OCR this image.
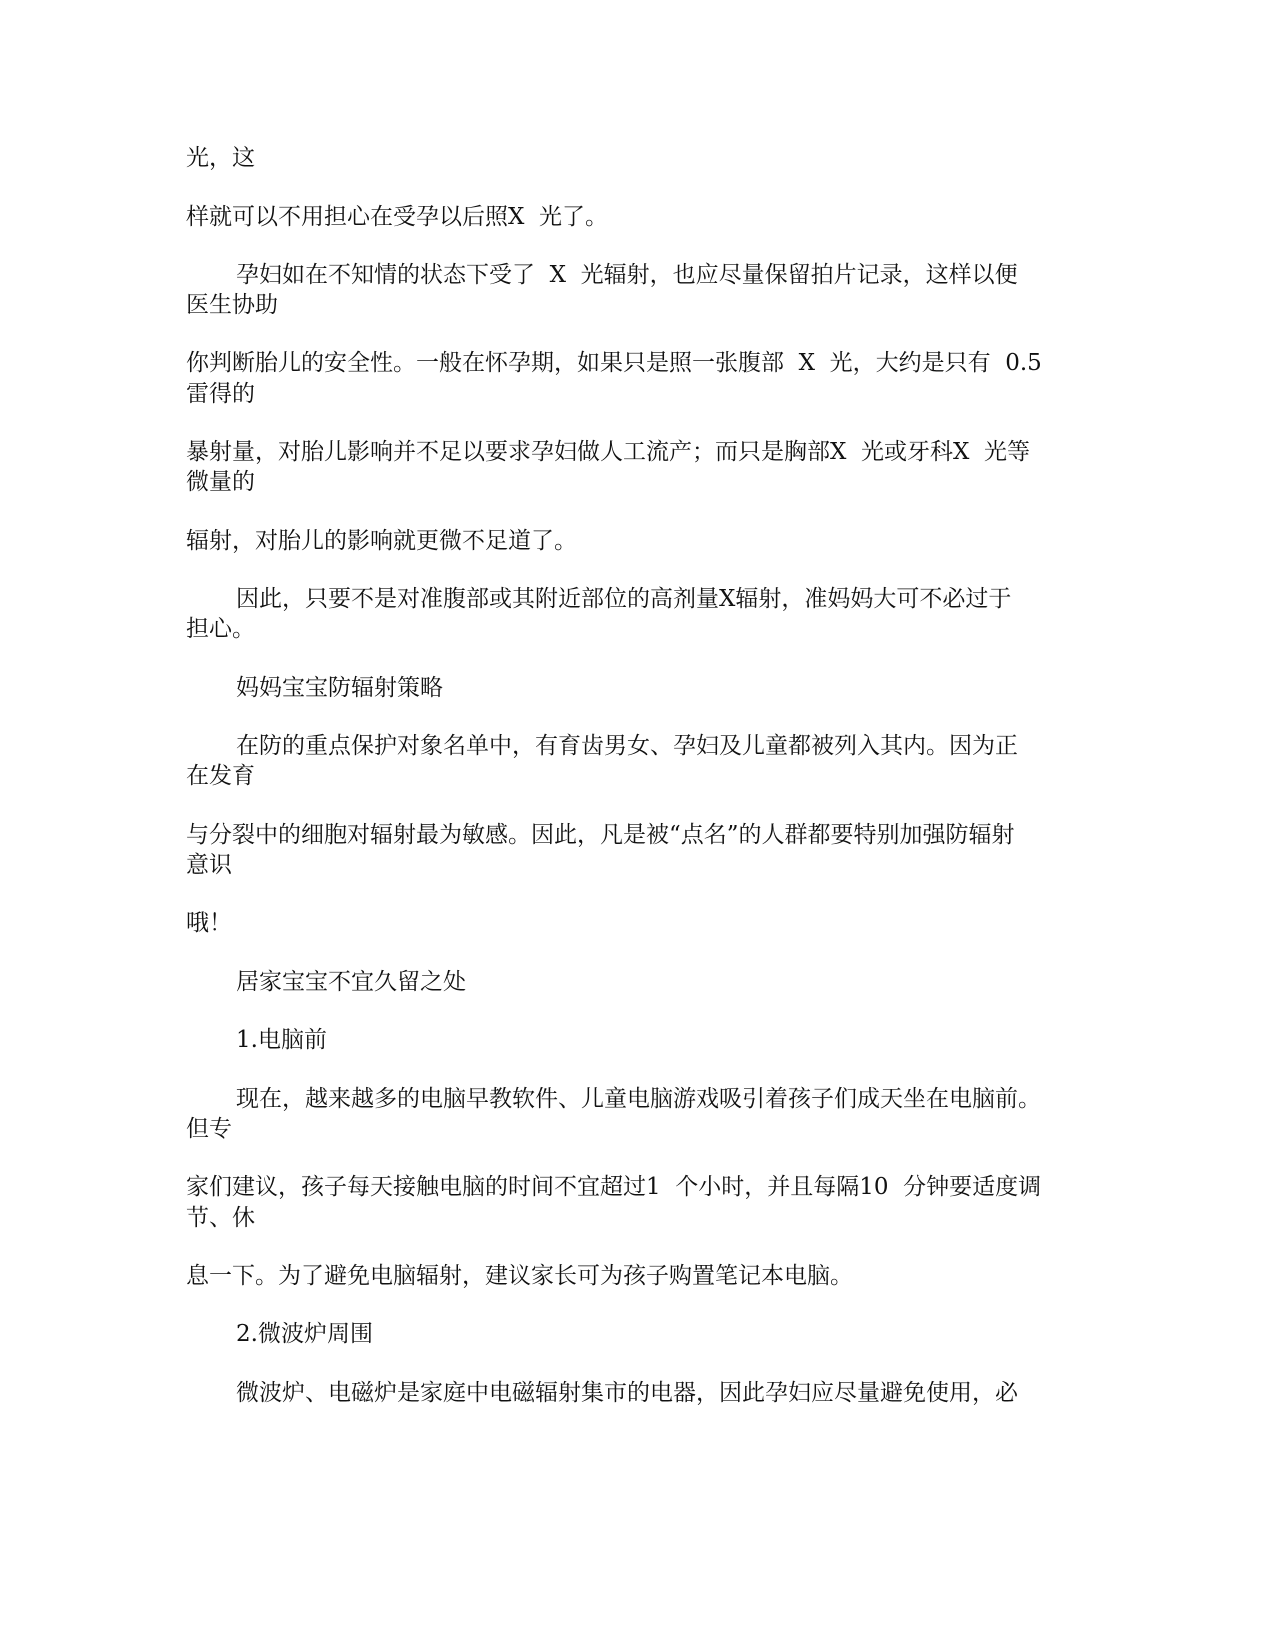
光，这

样就可以不用担心在受孕以后照X  光了。

孕妇如在不知情的状态下受了  X  光辐射，也应尽量保留拍片记录，这样以便

医生协助

你判断胎儿的安全性。一般在怀孕期，如果只是照一张腹部  X  光，大约是只有  0.5

雷得的

暴射量，对胎儿影响并不足以要求孕妇做人工流产；而只是胸部X  光或牙科X  光等

微量的

辐射，对胎儿的影响就更微不足道了。

因此，只要不是对准腹部或其附近部位的高剂量X辐射，准妈妈大可不必过于

担心。

妈妈宝宝防辐射策略

在防的重点保护对象名单中，有育齿男女、孕妇及儿童都被列入其内。因为正

在发育

与分裂中的细胞对辐射最为敏感。因此，凡是被“点名”的人群都要特别加强防辐射

意识

哦！

居家宝宝不宜久留之处

1.电脑前

现在，越来越多的电脑早教软件、儿童电脑游戏吸引着孩子们成天坐在电脑前。

但专

家们建议，孩子每天接触电脑的时间不宜超过1  个小时，并且每隔10  分钟要适度调

节、休

息一下。为了避免电脑辐射，建议家长可为孩子购置笔记本电脑。

2.微波炉周围

微波炉、电磁炉是家庭中电磁辐射集市的电器，因此孕妇应尽量避免使用，必
